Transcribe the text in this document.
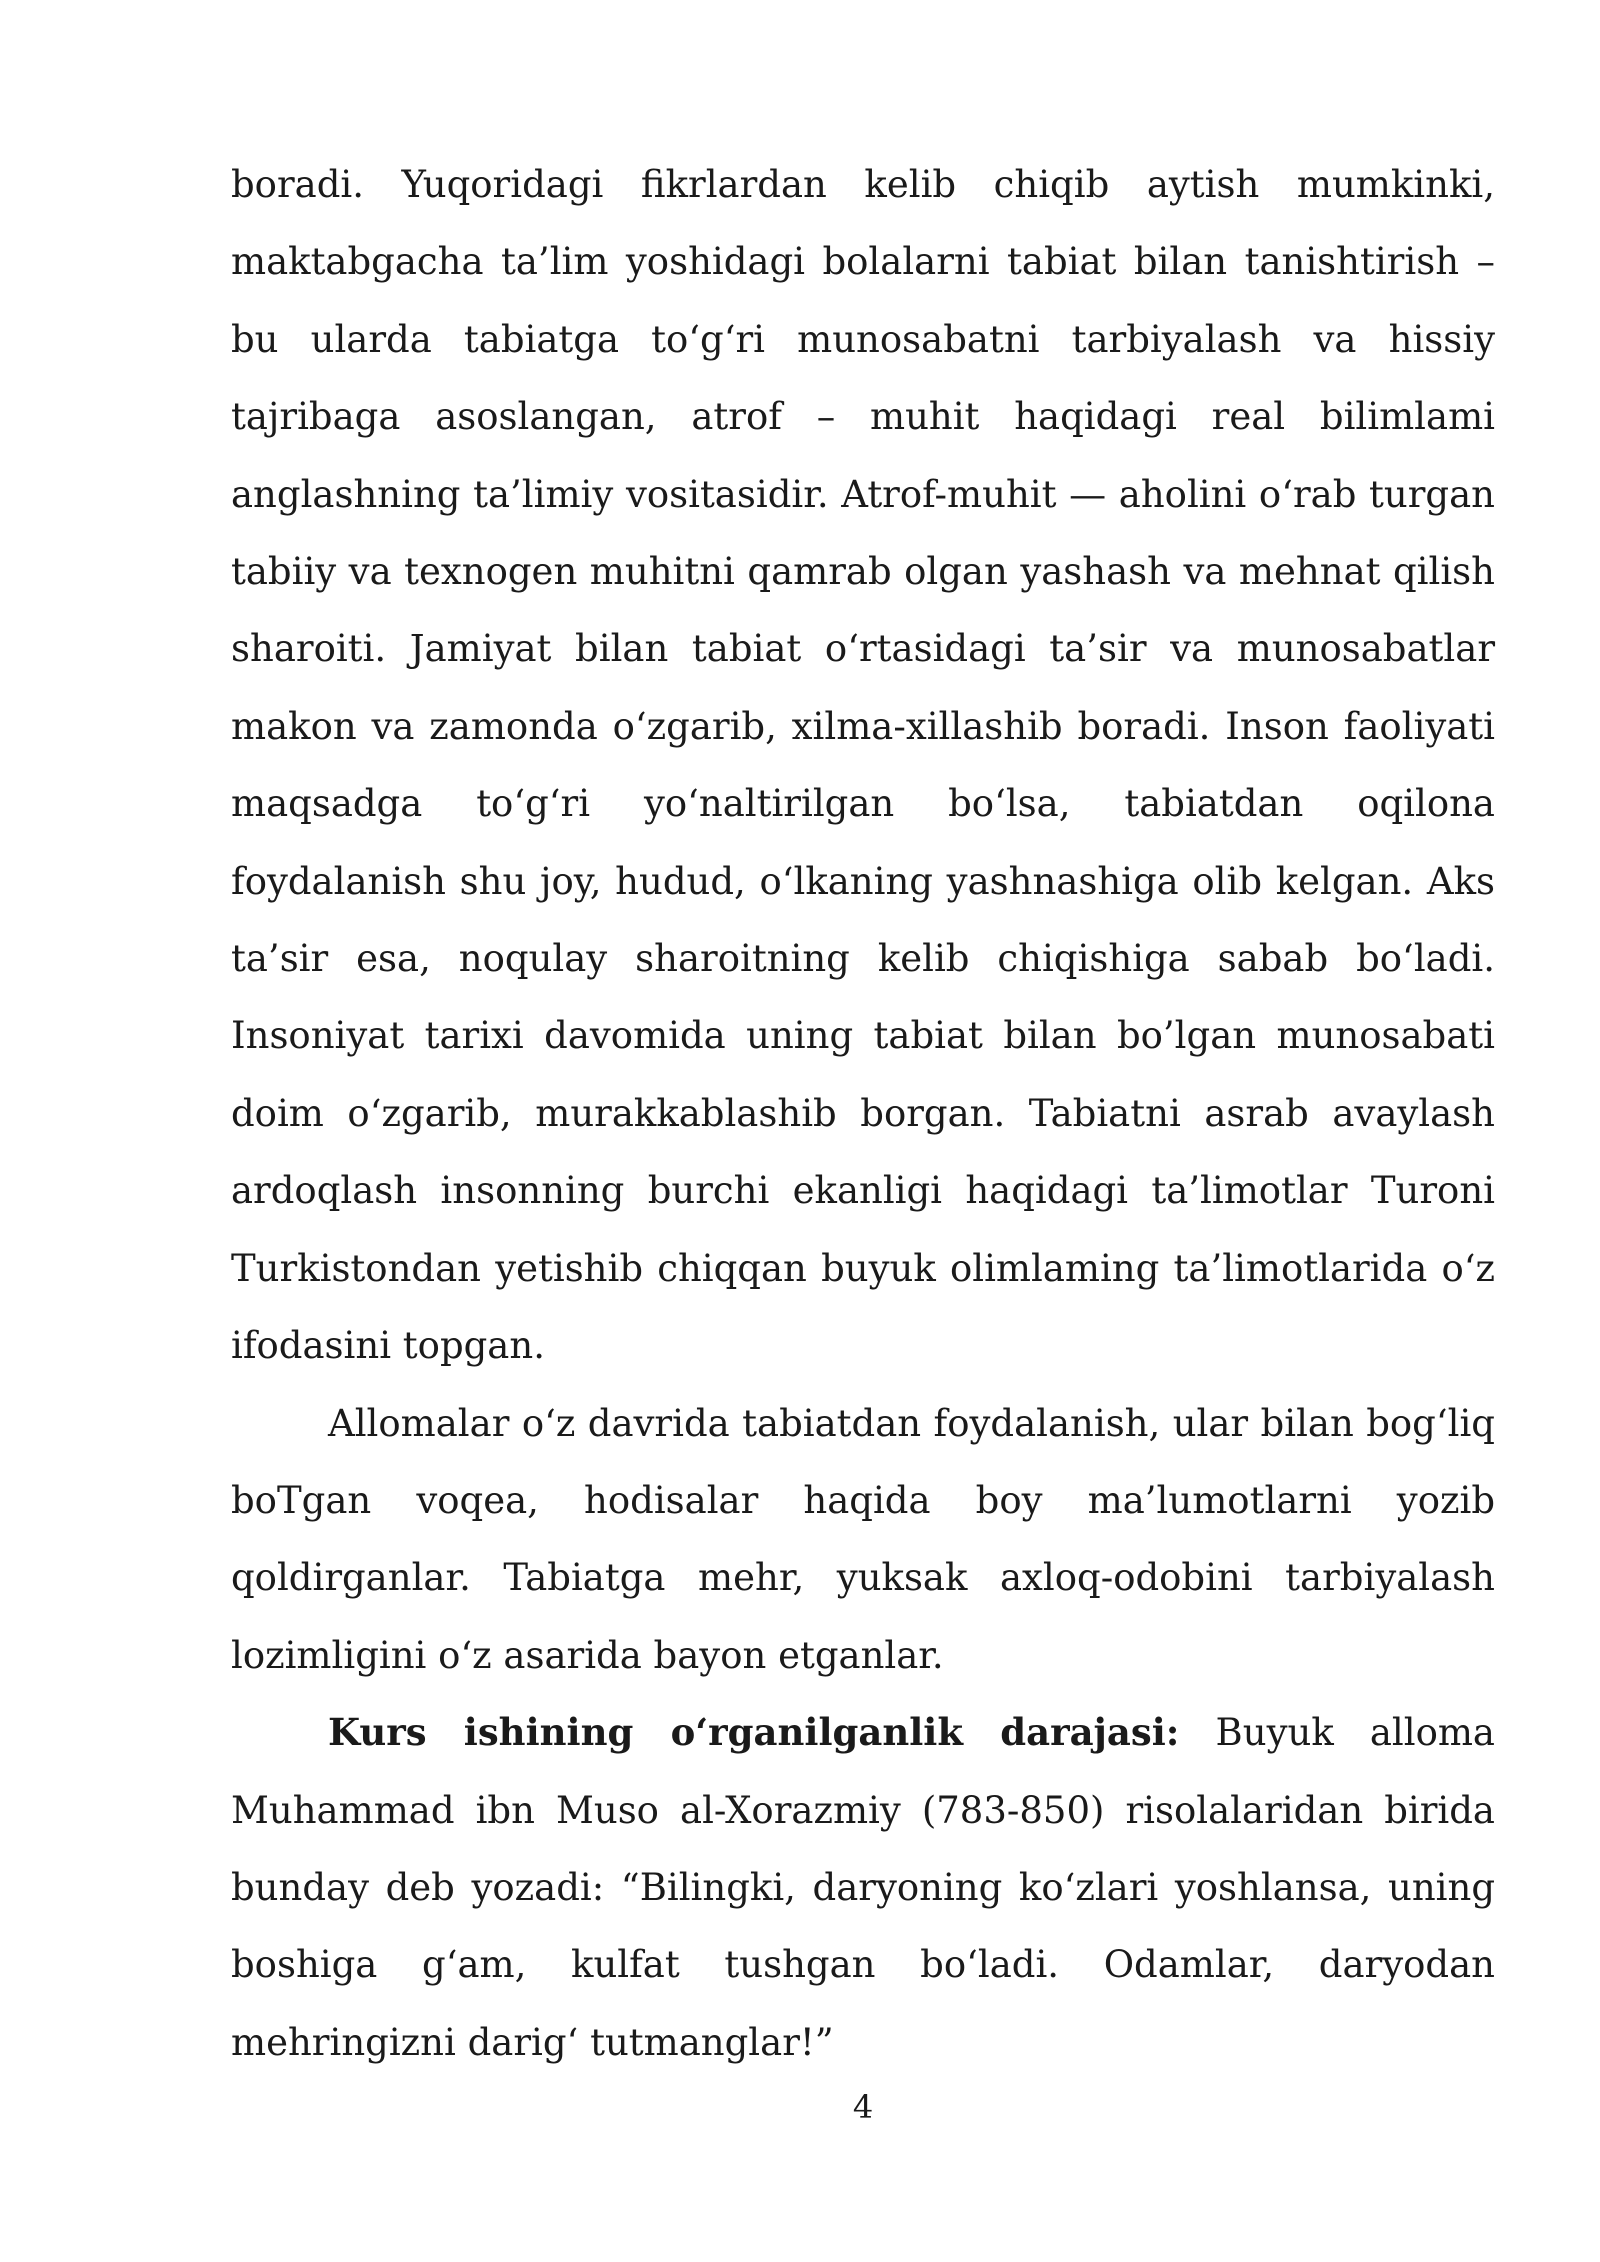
boradi. Yuqoridagi fikrlardan kelib chiqib aytish mumkinki, maktabgacha ta’lim yoshidagi bolalarni tabiat bilan tanishtirish – bu ularda tabiatga to‘g‘ri munosabatni tarbiyalash va hissiy tajribaga asoslangan, atrof – muhit haqidagi real bilimlami anglashning ta’limiy vositasidir. Atrof-muhit — aholini o‘rab turgan tabiiy va texnogen muhitni qamrab olgan yashash va mehnat qilish sharoiti. Jamiyat bilan tabiat o‘rtasidagi ta’sir va munosabatlar makon va zamonda o‘zgarib, xilma-xillashib boradi. Inson faoliyati maqsadga to‘g‘ri yo‘naltirilgan bo‘lsa, tabiatdan oqilona foydalanish shu joy, hudud, o‘lkaning yashnashiga olib kelgan. Aks ta’sir esa, noqulay sharoitning kelib chiqishiga sabab bo‘ladi. Insoniyat tarixi davomida uning tabiat bilan bo’lgan munosabati doim o‘zgarib, murakkablashib borgan. Tabiatni asrab avaylash ardoqlash insonning burchi ekanligi haqidagi ta’limotlar Turoni Turkistondan yetishib chiqqan buyuk olimlaming ta’limotlarida o‘z ifodasini topgan.

Allomalar o‘z davrida tabiatdan foydalanish, ular bilan bog‘liq boTgan voqea, hodisalar haqida boy ma’lumotlarni yozib qoldirganlar. Tabiatga mehr, yuksak axloq-odobini tarbiyalash lozimligini o‘z asarida bayon etganlar.

Kurs ishining o‘rganilganlik darajasi: Buyuk alloma Muhammad ibn Muso al-Xorazmiy (783-850) risolalaridan birida bunday deb yozadi: “Bilingki, daryoning ko‘zlari yoshlansa, uning boshiga g‘am, kulfat tushgan bo‘ladi. Odamlar, daryodan mehringizni darig‘ tutmanglar!”

4
